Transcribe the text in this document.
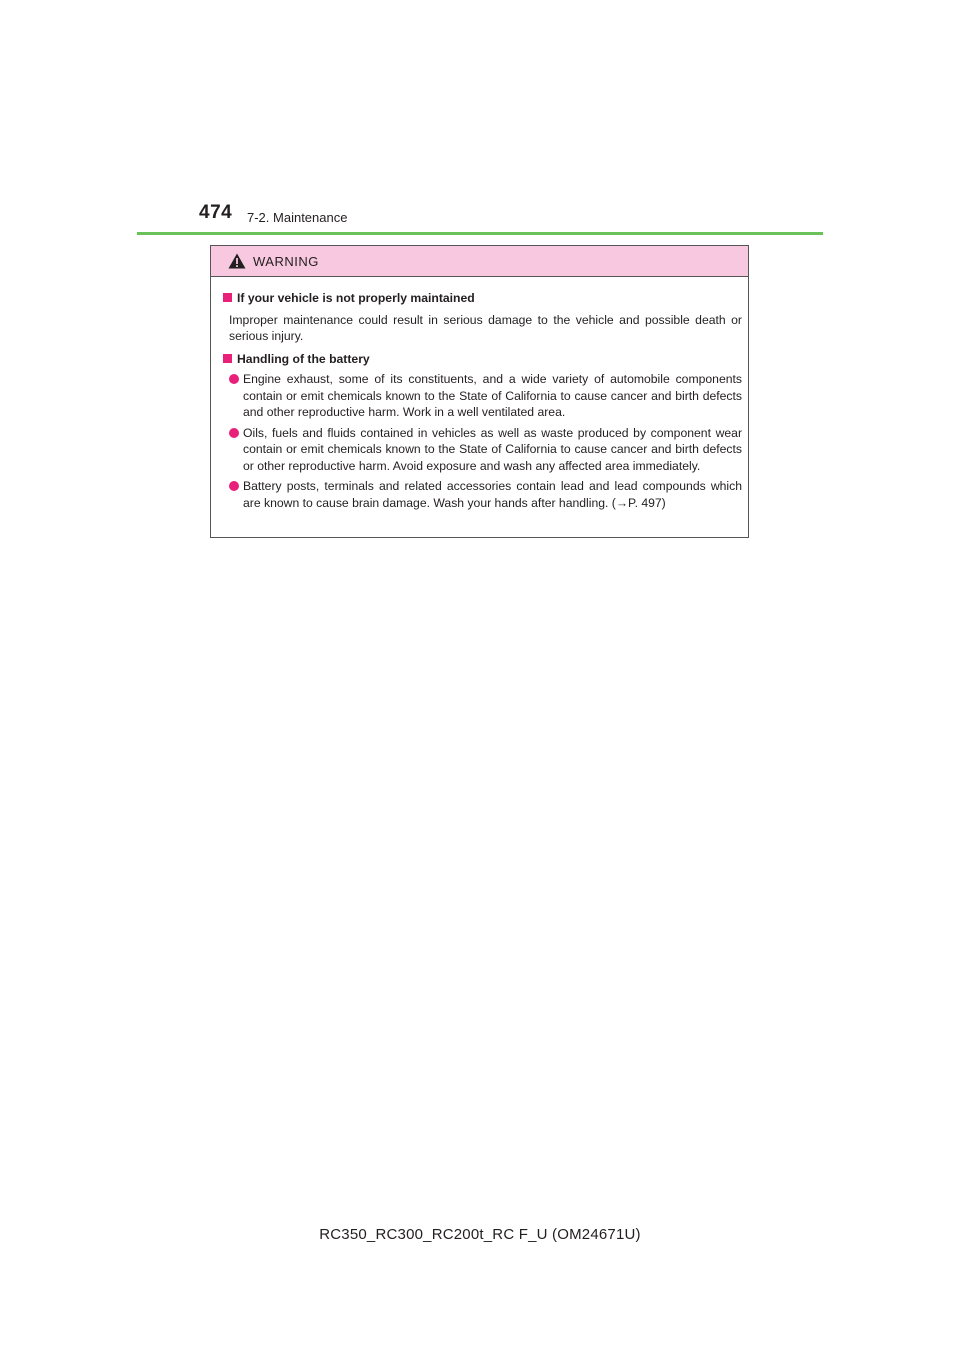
474 7-2. Maintenance
WARNING
If your vehicle is not properly maintained
Improper maintenance could result in serious damage to the vehicle and possible death or serious injury.
Handling of the battery
Engine exhaust, some of its constituents, and a wide variety of automobile components contain or emit chemicals known to the State of California to cause cancer and birth defects and other reproductive harm. Work in a well ventilated area.
Oils, fuels and fluids contained in vehicles as well as waste produced by component wear contain or emit chemicals known to the State of California to cause cancer and birth defects or other reproductive harm. Avoid exposure and wash any affected area immediately.
Battery posts, terminals and related accessories contain lead and lead compounds which are known to cause brain damage. Wash your hands after handling. (→P. 497)
RC350_RC300_RC200t_RC F_U (OM24671U)
